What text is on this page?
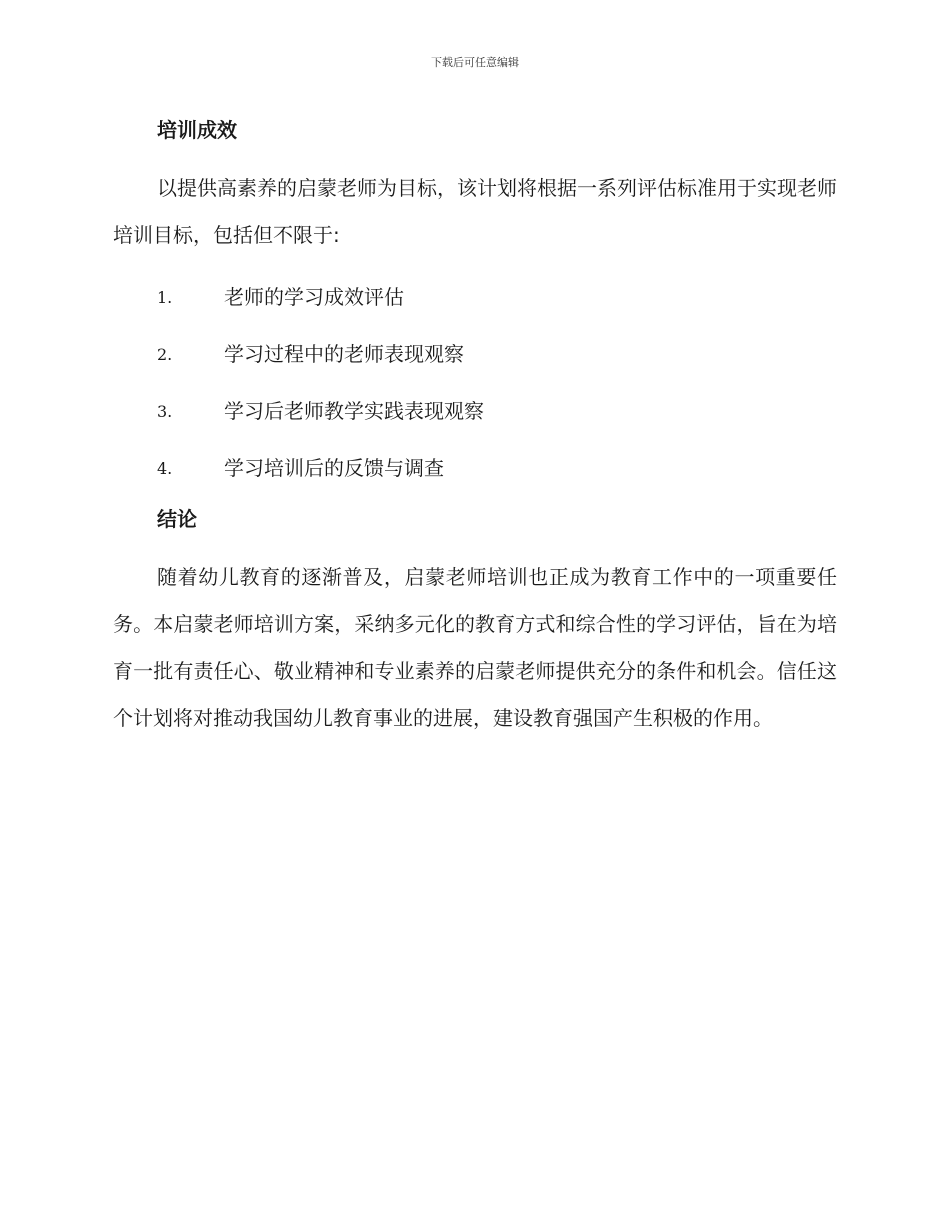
下载后可任意编辑
培训成效

以提供高素养的启蒙老师为目标，该计划将根据一系列评估标准用于实现老师培训目标，包括但不限于:

1.	老师的学习成效评估
2.	学习过程中的老师表现观察
3.	学习后老师教学实践表现观察
4.	学习培训后的反馈与调查
结论

随着幼儿教育的逐渐普及，启蒙老师培训也正成为教育工作中的一项重要任务。本启蒙老师培训方案，采纳多元化的教育方式和综合性的学习评估，旨在为培育一批有责任心、敬业精神和专业素养的启蒙老师提供充分的条件和机会。信任这个计划将对推动我国幼儿教育事业的进展，建设教育强国产生积极的作用。
